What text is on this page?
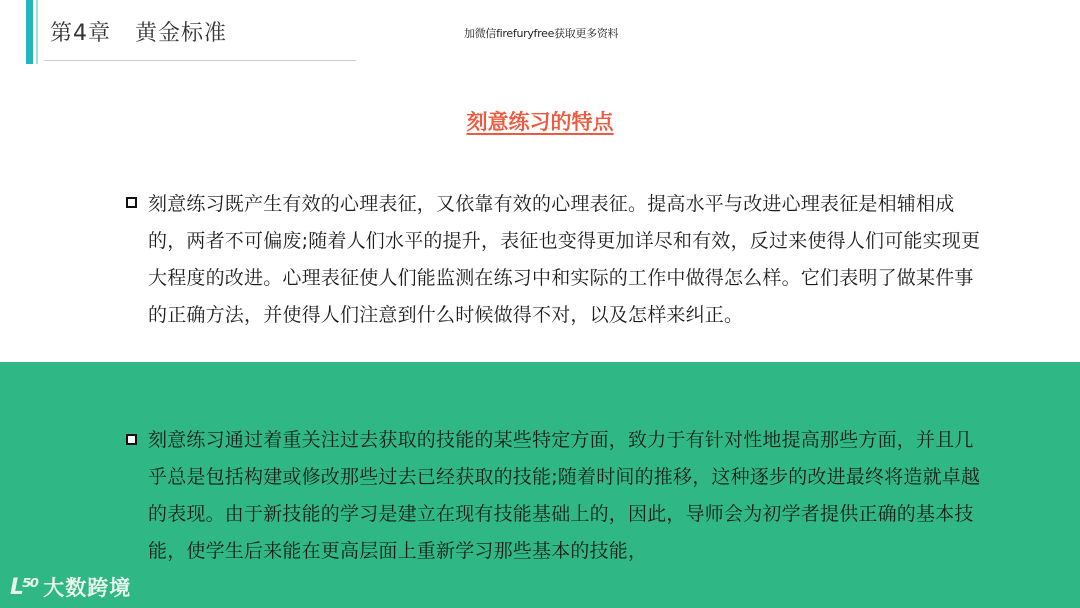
第4章   黄金标准	加微信firefuryfree获取更多资料
刻意练习的特点
刻意练习既产生有效的心理表征，又依靠有效的心理表征。提高水平与改进心理表征是相辅相成的，两者不可偏废;随着人们水平的提升，表征也变得更加详尽和有效，反过来使得人们可能实现更大程度的改进。心理表征使人们能监测在练习中和实际的工作中做得怎么样。它们表明了做某件事的正确方法，并使得人们注意到什么时候做得不对，以及怎样来纠正。
刻意练习通过着重关注过去获取的技能的某些特定方面，致力于有针对性地提高那些方面，并且几乎总是包括构建或修改那些过去已经获取的技能;随着时间的推移，这种逐步的改进最终将造就卓越的表现。由于新技能的学习是建立在现有技能基础上的，因此，导师会为初学者提供正确的基本技能，使学生后来能在更高层面上重新学习那些基本的技能，
L⁵⁰ 大数跨境
